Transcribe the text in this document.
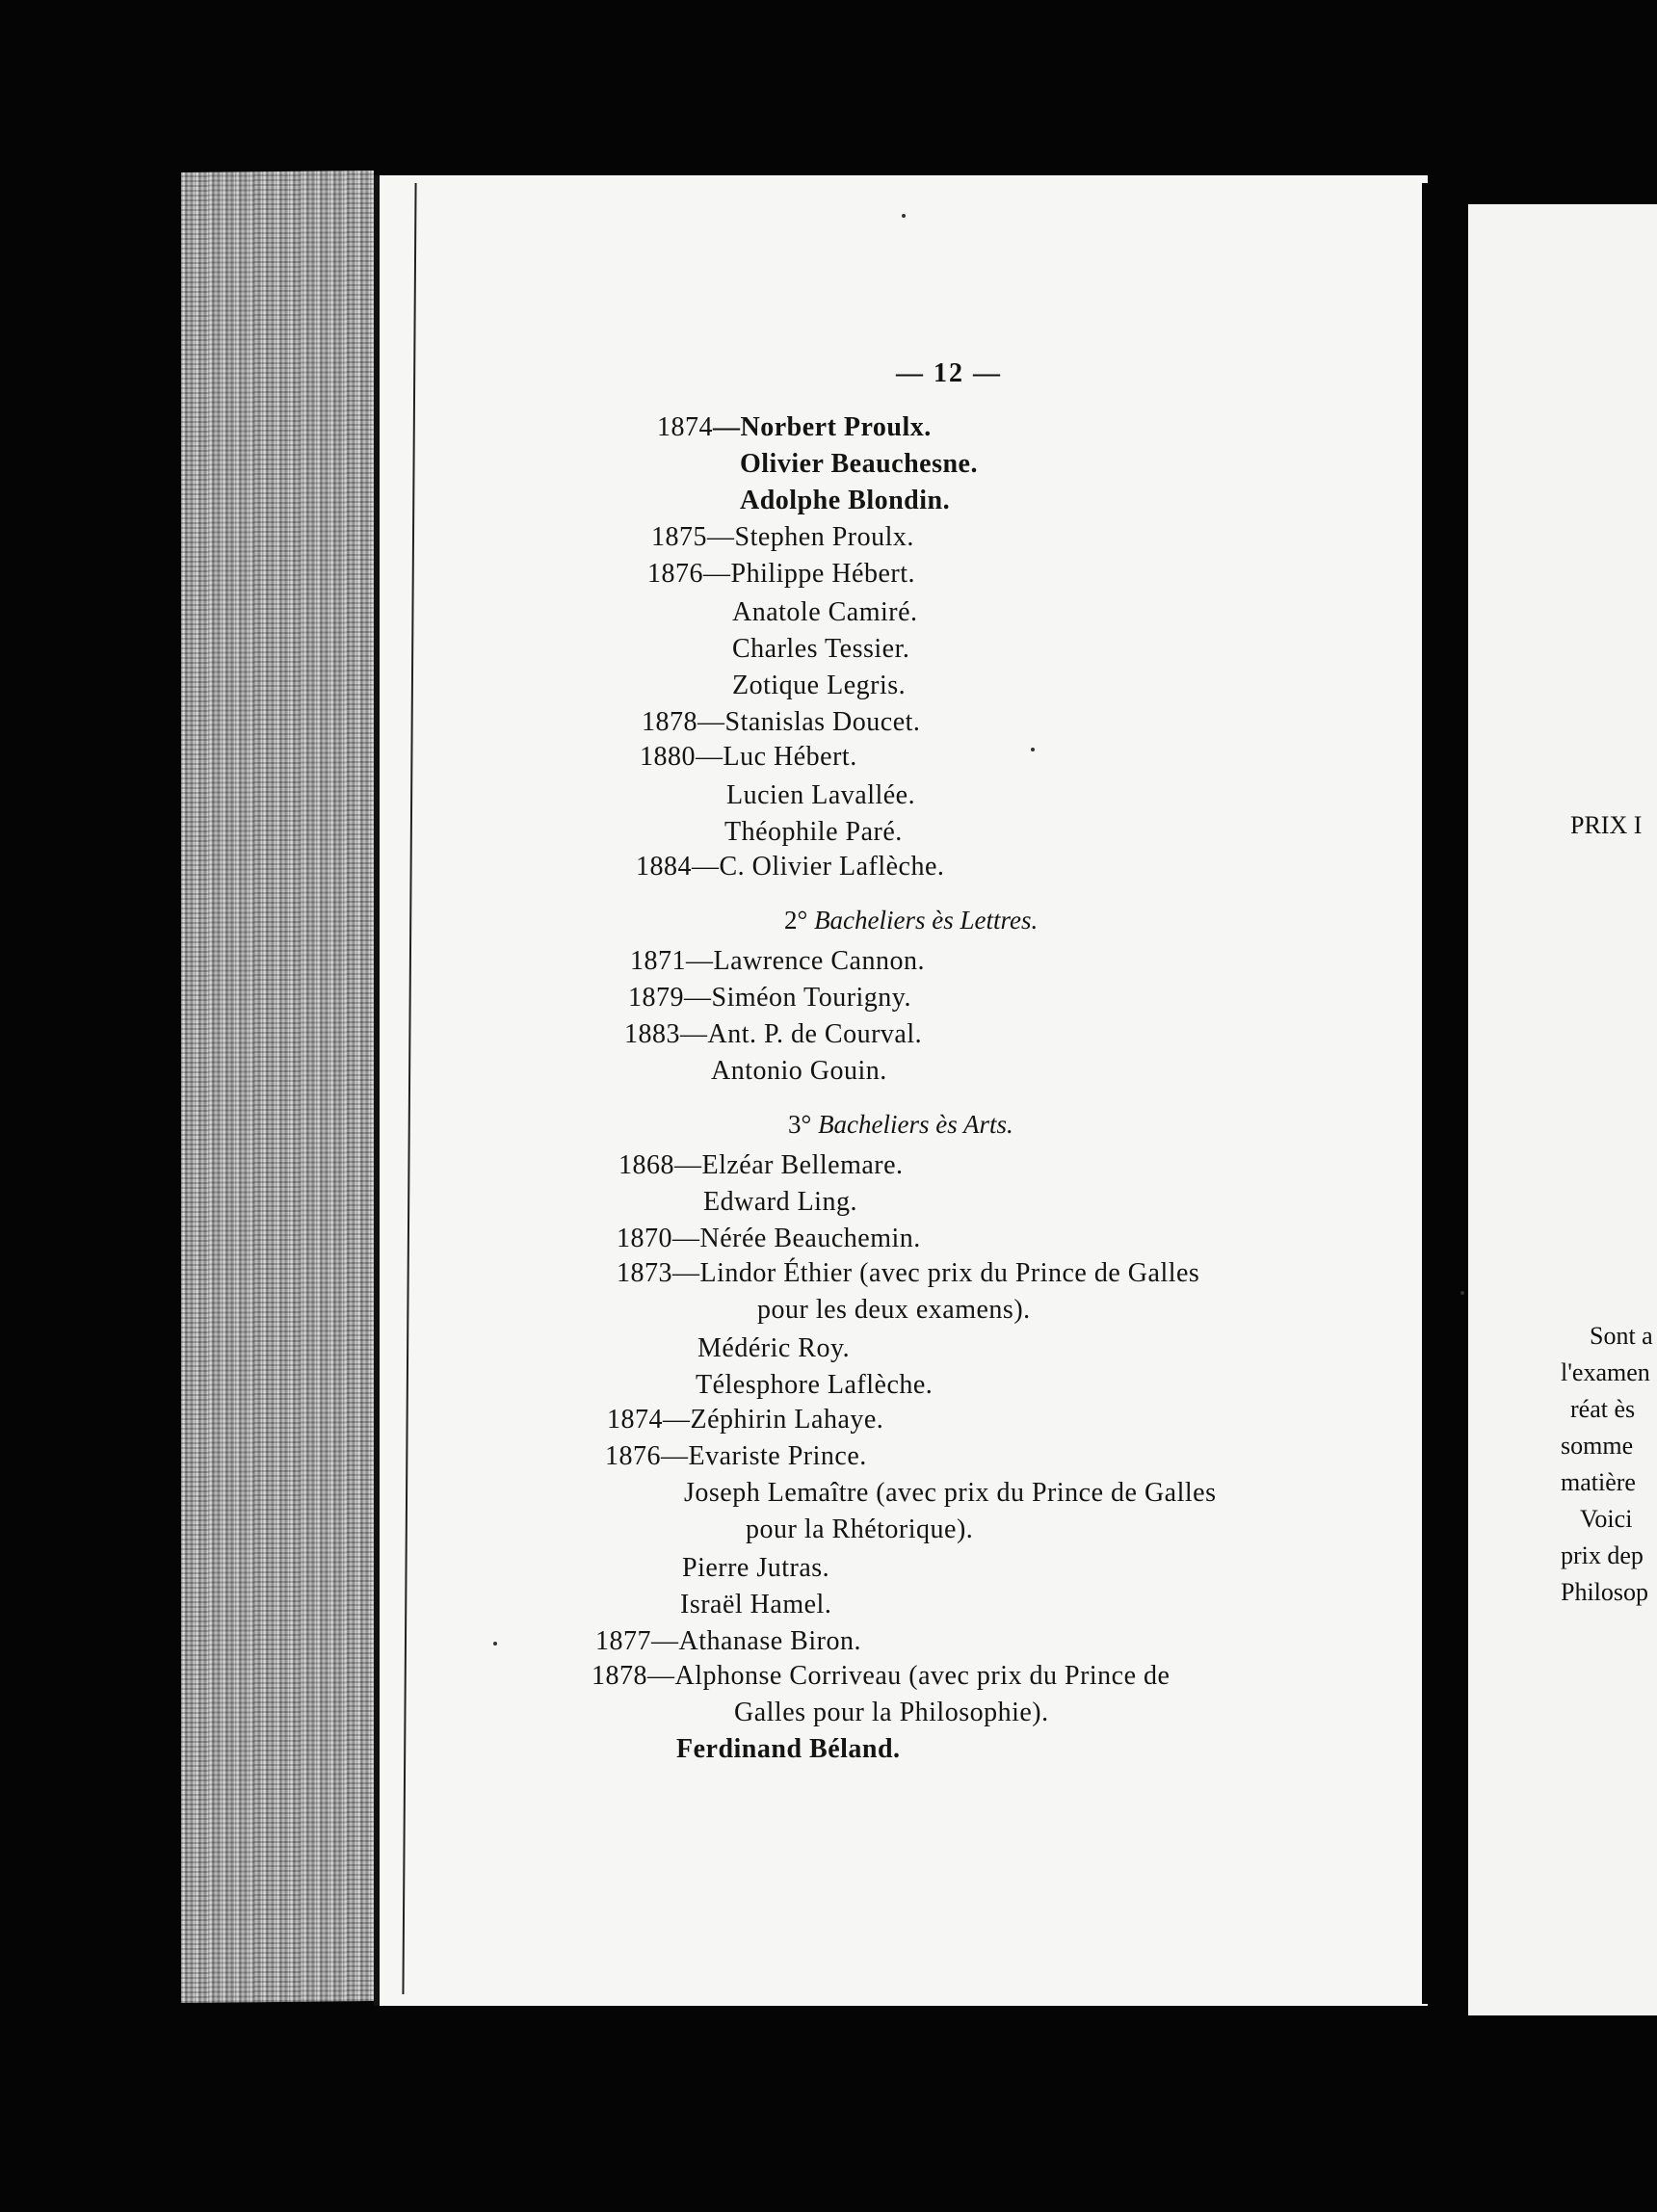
PRIX I
Sont a
l'examen
réat ès
somme
matière
Voici
prix dep
Philosop
— 12 —
1874—Norbert Proulx.
Olivier Beauchesne.
Adolphe Blondin.
1875—Stephen Proulx.
1876—Philippe Hébert.
Anatole Camiré.
Charles Tessier.
Zotique Legris.
1878—Stanislas Doucet.
1880—Luc Hébert.
Lucien Lavallée.
Théophile Paré.
1884—C. Olivier Laflèche.
2° Bacheliers ès Lettres.
1871—Lawrence Cannon.
1879—Siméon Tourigny.
1883—Ant. P. de Courval.
Antonio Gouin.
3° Bacheliers ès Arts.
1868—Elzéar Bellemare.
Edward Ling.
1870—Nérée Beauchemin.
1873—Lindor Éthier (avec prix du Prince de Galles
pour les deux examens).
Médéric Roy.
Télesphore Laflèche.
1874—Zéphirin Lahaye.
1876—Evariste Prince.
Joseph Lemaître (avec prix du Prince de Galles
pour la Rhétorique).
Pierre Jutras.
Israël Hamel.
1877—Athanase Biron.
1878—Alphonse Corriveau (avec prix du Prince de
Galles pour la Philosophie).
Ferdinand Béland.
